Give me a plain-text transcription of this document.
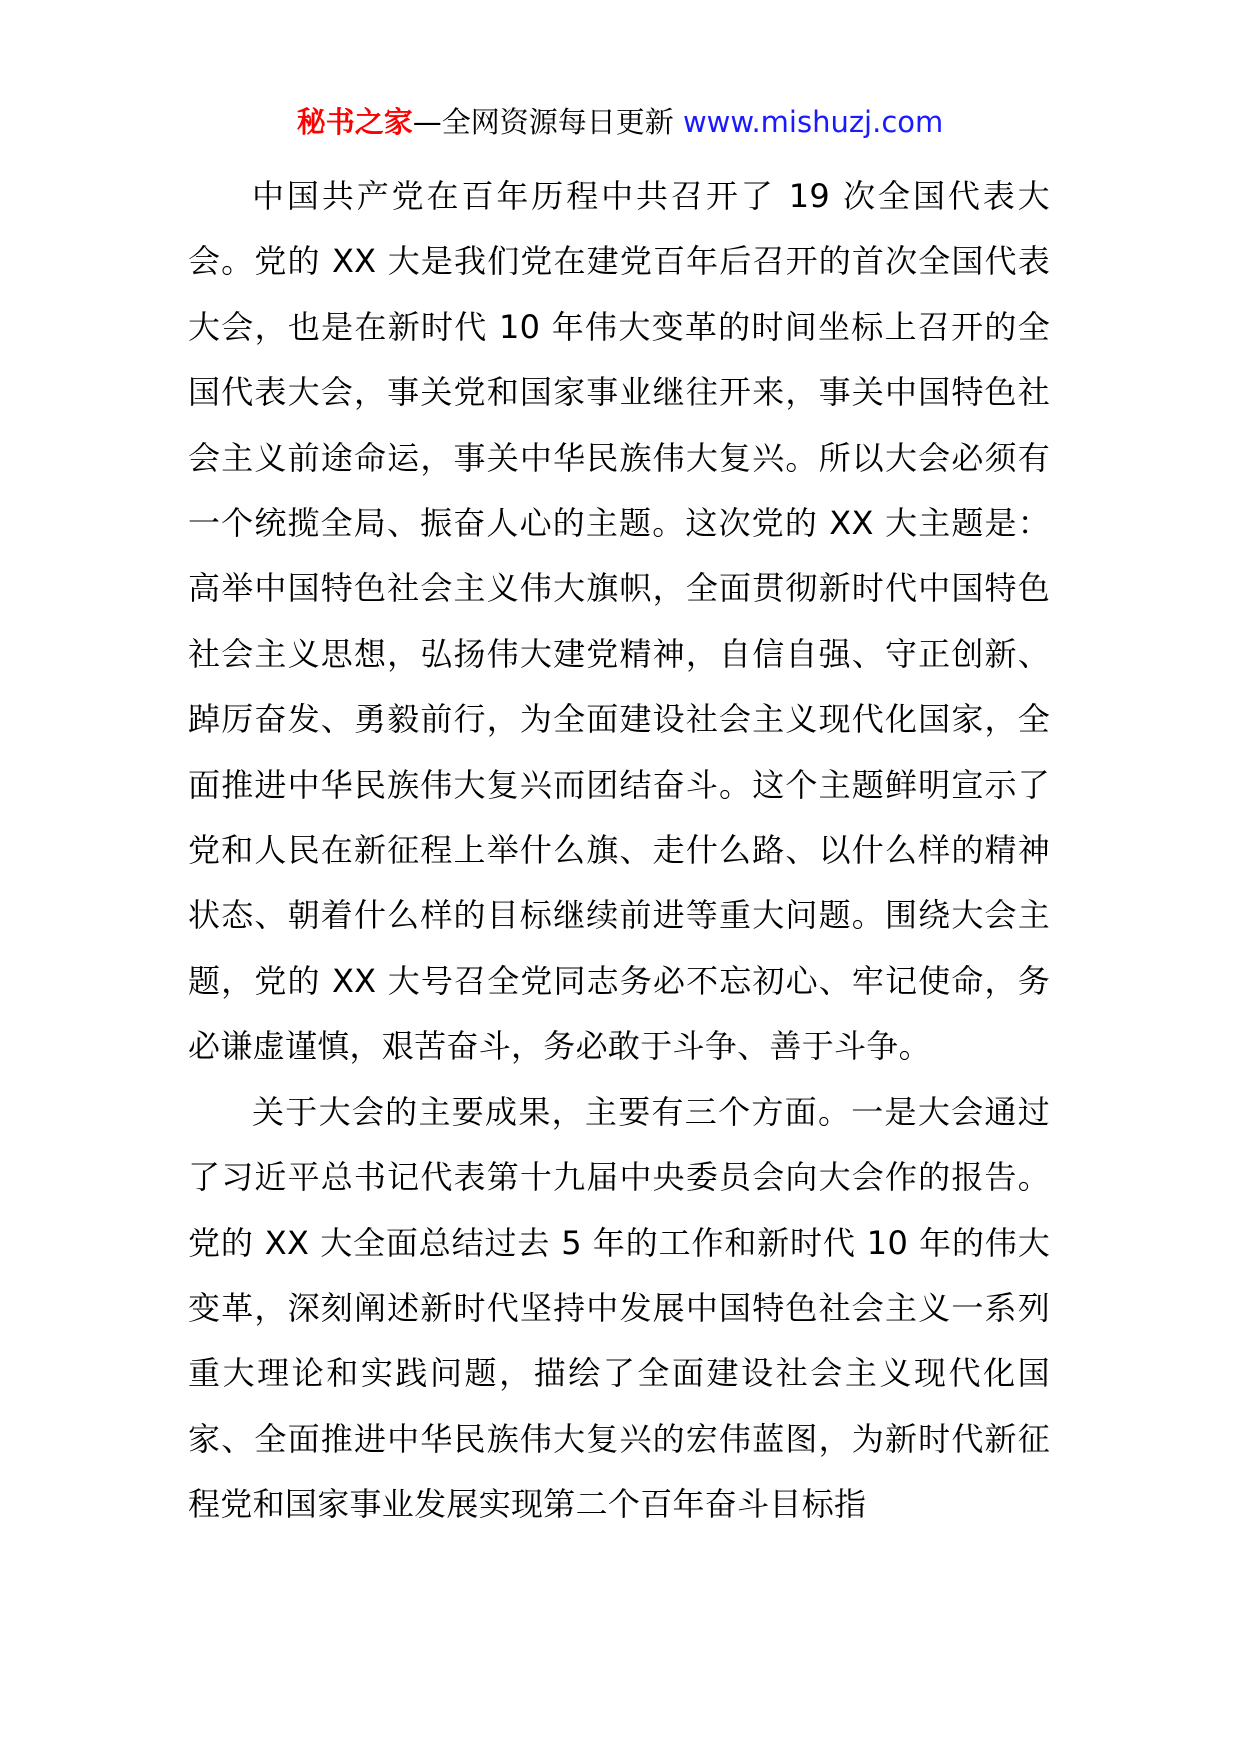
秘书之家—全网资源每日更新 www.mishuzj.com

中国共产党在百年历程中共召开了 19 次全国代表大会。党的 XX 大是我们党在建党百年后召开的首次全国代表大会，也是在新时代 10 年伟大变革的时间坐标上召开的全国代表大会，事关党和国家事业继往开来，事关中国特色社会主义前途命运，事关中华民族伟大复兴。所以大会必须有一个统揽全局、振奋人心的主题。这次党的 XX 大主题是：高举中国特色社会主义伟大旗帜，全面贯彻新时代中国特色社会主义思想，弘扬伟大建党精神，自信自强、守正创新、踔厉奋发、勇毅前行，为全面建设社会主义现代化国家，全面推进中华民族伟大复兴而团结奋斗。这个主题鲜明宣示了党和人民在新征程上举什么旗、走什么路、以什么样的精神状态、朝着什么样的目标继续前进等重大问题。围绕大会主题，党的 XX 大号召全党同志务必不忘初心、牢记使命，务必谦虚谨慎，艰苦奋斗，务必敢于斗争、善于斗争。

关于大会的主要成果，主要有三个方面。一是大会通过了习近平总书记代表第十九届中央委员会向大会作的报告。党的 XX 大全面总结过去 5 年的工作和新时代 10 年的伟大变革，深刻阐述新时代坚持中发展中国特色社会主义一系列重大理论和实践问题，描绘了全面建设社会主义现代化国家、全面推进中华民族伟大复兴的宏伟蓝图，为新时代新征程党和国家事业发展实现第二个百年奋斗目标指
